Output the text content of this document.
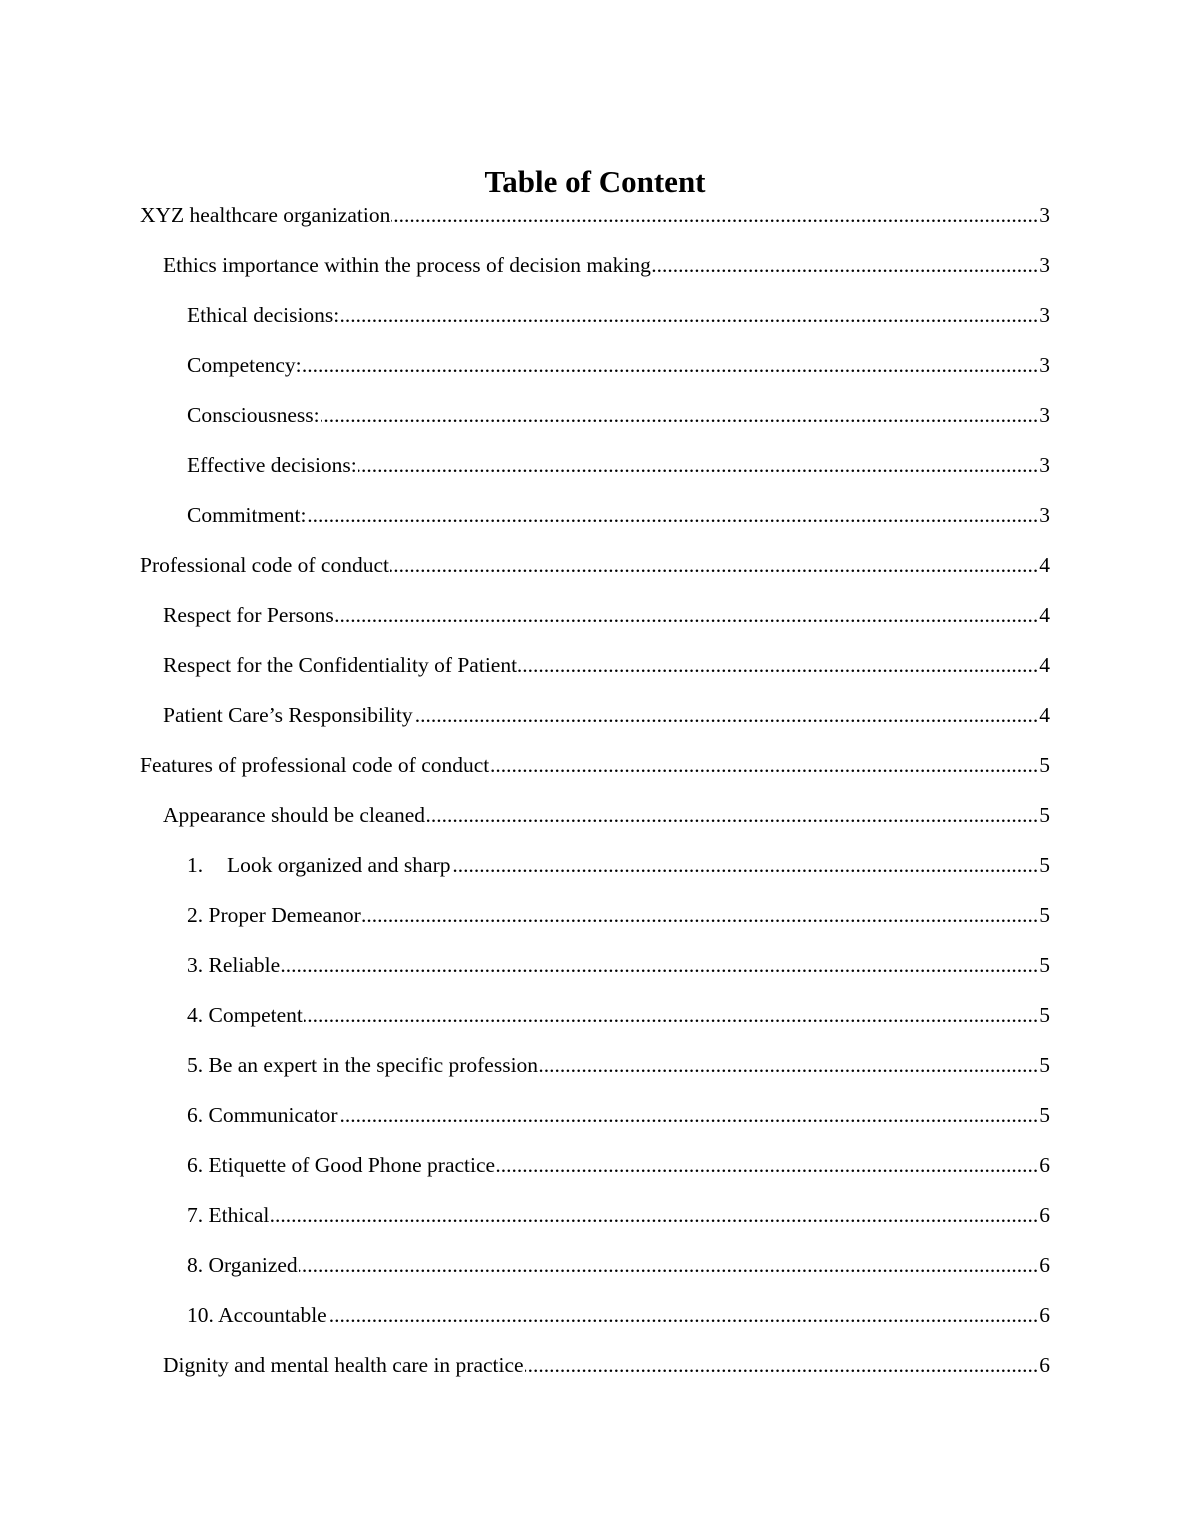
Table of Content
XYZ healthcare organization .....	3
Ethics importance within the process of decision making .....	3
Ethical decisions: .....	3
Competency: .....	3
Consciousness: .....	3
Effective decisions: .....	3
Commitment: .....	3
Professional code of conduct .....	4
Respect for Persons .....	4
Respect for the Confidentiality of Patient .....	4
Patient Care’s Responsibility .....	4
Features of professional code of conduct .....	5
Appearance should be cleaned .....	5
1. Look organized and sharp .....	5
2. Proper Demeanor .....	5
3. Reliable .....	5
4. Competent .....	5
5. Be an expert in the specific profession .....	5
6. Communicator .....	5
6. Etiquette of Good Phone practice .....	6
7. Ethical .....	6
8. Organized .....	6
10. Accountable .....	6
Dignity and mental health care in practice .....	6
